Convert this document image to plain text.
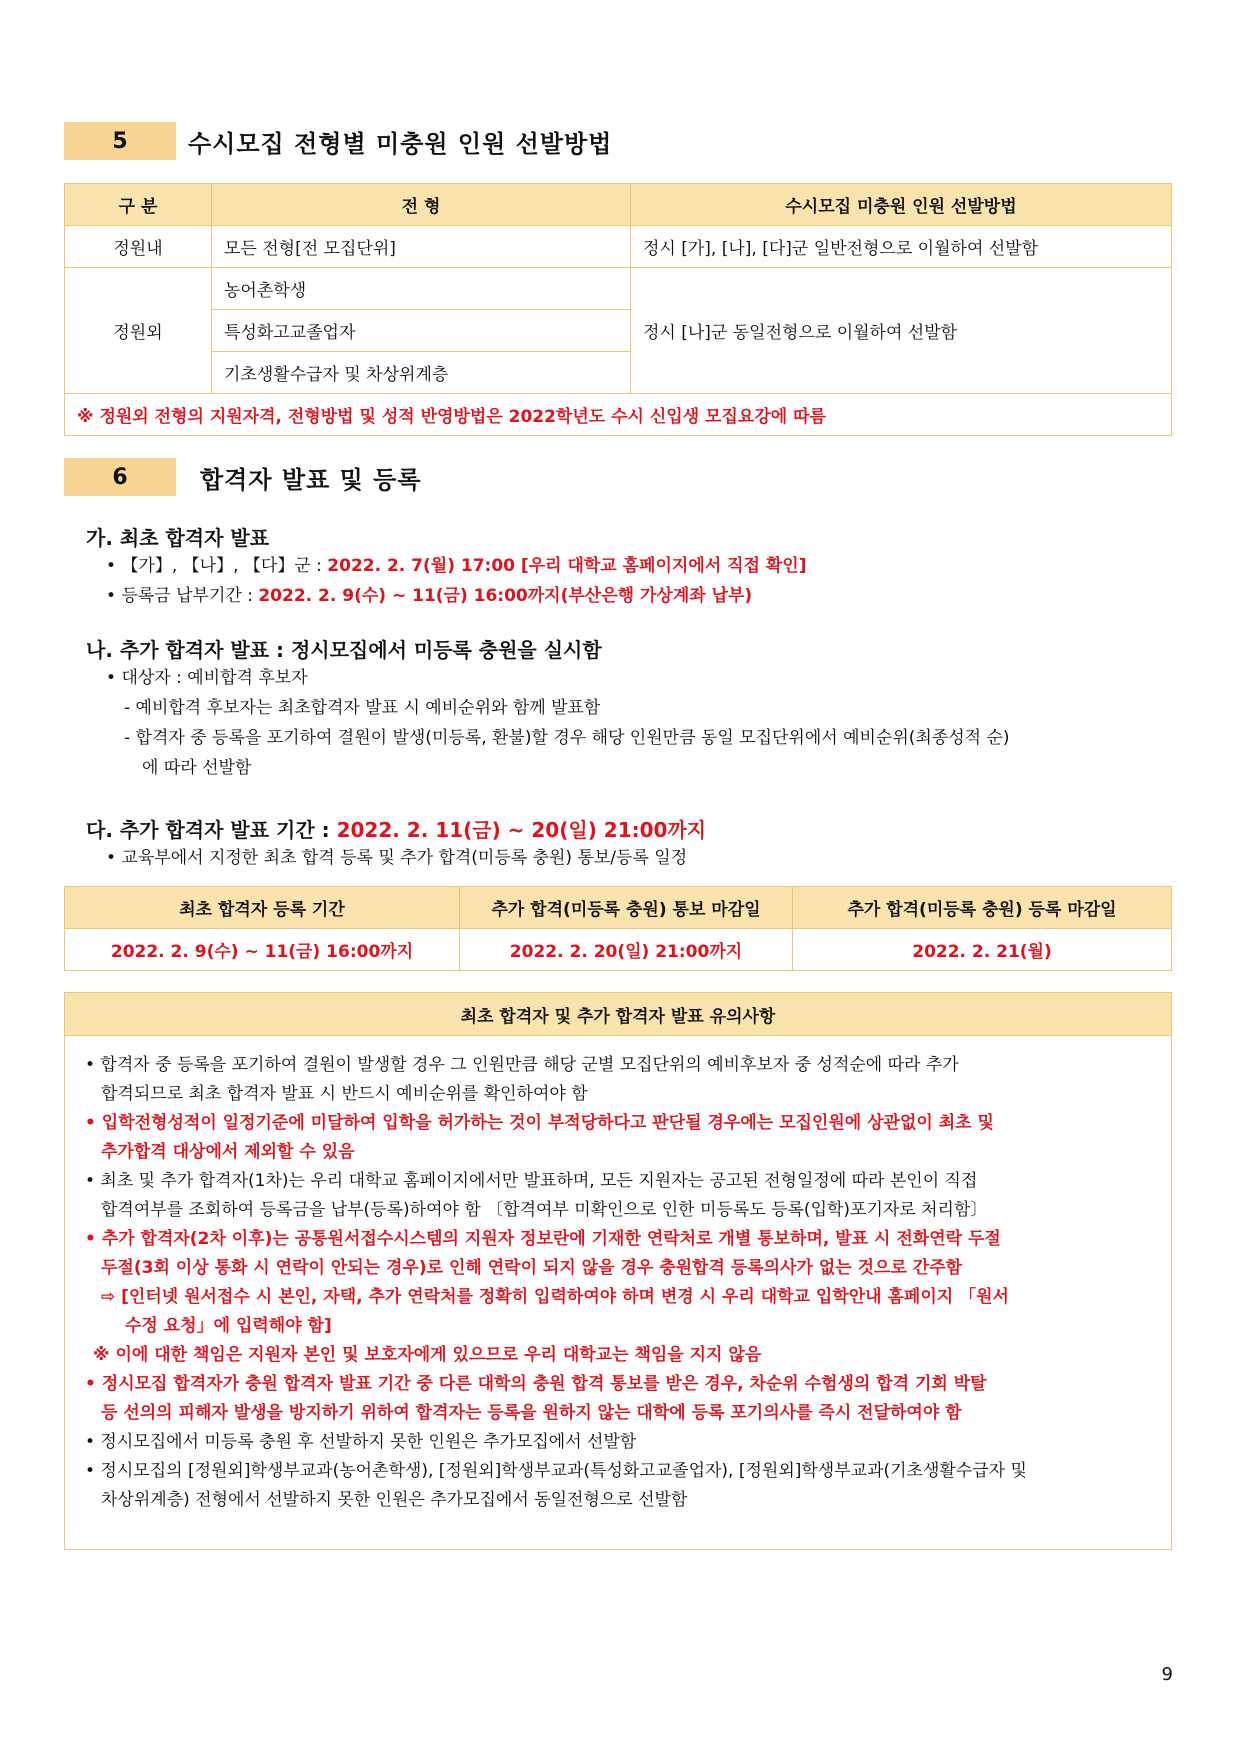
5	수시모집 전형별 미충원 인원 선발방법
구 분	전 형	수시모집 미충원 인원 선발방법
정원내	모든 전형[전 모집단위]	정시 [가], [나], [다]군 일반전형으로 이월하여 선발함
정원외	농어촌학생	정시 [나]군 동일전형으로 이월하여 선발함
	특성화고교졸업자	
	기초생활수급자 및 차상위계층	
※ 정원외 전형의 지원자격, 전형방법 및 성적 반영방법은 2022학년도 수시 신입생 모집요강에 따름		
6	합격자 발표 및 등록
가. 최초 합격자 발표
• 【가】, 【나】, 【다】군 : 2022. 2. 7(월) 17:00 [우리 대학교 홈페이지에서 직접 확인]
• 등록금 납부기간 : 2022. 2. 9(수) ~ 11(금) 16:00까지(부산은행 가상계좌 납부)
나. 추가 합격자 발표 : 정시모집에서 미등록 충원을 실시함
• 대상자 : 예비합격 후보자
- 예비합격 후보자는 최초합격자 발표 시 예비순위와 함께 발표함
- 합격자 중 등록을 포기하여 결원이 발생(미등록, 환불)할 경우 해당 인원만큼 동일 모집단위에서 예비순위(최종성적 순)
에 따라 선발함
다. 추가 합격자 발표 기간 : 2022. 2. 11(금) ~ 20(일) 21:00까지
• 교육부에서 지정한 최초 합격 등록 및 추가 합격(미등록 충원) 통보/등록 일정
최초 합격자 등록 기간	추가 합격(미등록 충원) 통보 마감일	추가 합격(미등록 충원) 등록 마감일
2022. 2. 9(수) ~ 11(금) 16:00까지	2022. 2. 20(일) 21:00까지	2022. 2. 21(월)
최초 합격자 및 추가 합격자 발표 유의사항
• 합격자 중 등록을 포기하여 결원이 발생할 경우 그 인원만큼 해당 군별 모집단위의 예비후보자 중 성적순에 따라 추가
합격되므로 최초 합격자 발표 시 반드시 예비순위를 확인하여야 함
• 입학전형성적이 일정기준에 미달하여 입학을 허가하는 것이 부적당하다고 판단될 경우에는 모집인원에 상관없이 최초 및
추가합격 대상에서 제외할 수 있음
• 최초 및 추가 합격자(1차)는 우리 대학교 홈페이지에서만 발표하며, 모든 지원자는 공고된 전형일정에 따라 본인이 직접
합격여부를 조회하여 등록금을 납부(등록)하여야 함 〔합격여부 미확인으로 인한 미등록도 등록(입학)포기자로 처리함〕
• 추가 합격자(2차 이후)는 공통원서접수시스템의 지원자 정보란에 기재한 연락처로 개별 통보하며, 발표 시 전화연락 두절
두절(3회 이상 통화 시 연락이 안되는 경우)로 인해 연락이 되지 않을 경우 충원합격 등록의사가 없는 것으로 간주함
⇨ [인터넷 원서접수 시 본인, 자택, 추가 연락처를 정확히 입력하여야 하며 변경 시 우리 대학교 입학안내 홈페이지 「원서
수정 요청」에 입력해야 함]
※ 이에 대한 책임은 지원자 본인 및 보호자에게 있으므로 우리 대학교는 책임을 지지 않음
• 정시모집 합격자가 충원 합격자 발표 기간 중 다른 대학의 충원 합격 통보를 받은 경우, 차순위 수험생의 합격 기회 박탈
등 선의의 피해자 발생을 방지하기 위하여 합격자는 등록을 원하지 않는 대학에 등록 포기의사를 즉시 전달하여야 함
• 정시모집에서 미등록 충원 후 선발하지 못한 인원은 추가모집에서 선발함
• 정시모집의 [정원외]학생부교과(농어촌학생), [정원외]학생부교과(특성화고교졸업자), [정원외]학생부교과(기초생활수급자 및
차상위계층) 전형에서 선발하지 못한 인원은 추가모집에서 동일전형으로 선발함
9
